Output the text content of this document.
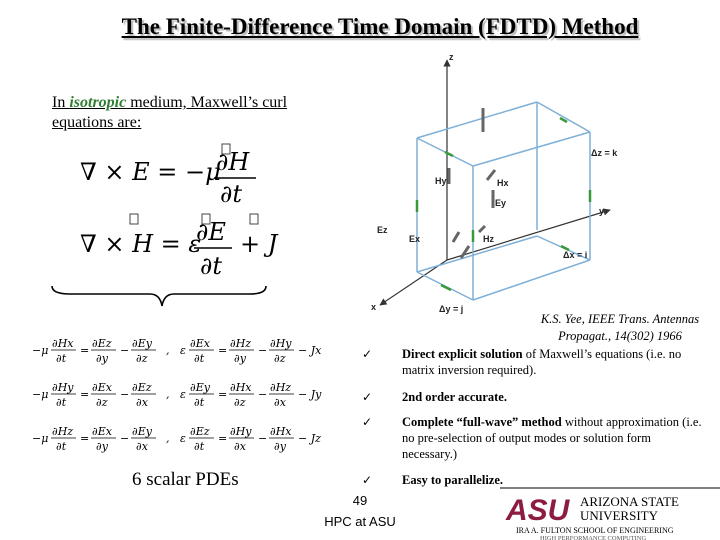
The Finite-Difference Time Domain (FDTD) Method
In isotropic medium, Maxwell’s curl equations are:
∇ × E = −μ
∂H
∂t
∇ × H = ε
∂E
∂t
+ J
−μ
∂Hx
∂t
=
∂Ez
∂y
−
∂Ey
∂z
, ε
∂Ex
∂t
=
∂Hz
∂y
−
∂Hy
∂z
− Jx
−μ
∂Hy
∂t
=
∂Ex
∂z
−
∂Ez
∂x
, ε
∂Ey
∂t
=
∂Hx
∂z
−
∂Hz
∂x
− Jy
−μ
∂Hz
∂t
=
∂Ex
∂y
−
∂Ey
∂x
, ε
∂Ez
∂t
=
∂Hy
∂x
−
∂Hx
∂y
− Jz
z
y
x
Δz = k
Δy = j
Δx = i
Hy	Hx
Ey
Ez
Ex	Hz
K.S. Yee, IEEE Trans. Antennas
Propagat., 14(302) 1966
✓ Direct explicit solution of Maxwell’s equations (i.e. no matrix inversion required).
✓ 2nd order accurate.
✓ Complete “full-wave” method without approximation (i.e. no pre-selection of output modes or solution form necessary.)
✓ Easy to parallelize.
6 scalar PDEs
49
HPC at ASU	ASU ARIZONA STATE
UNIVERSITY
IRA A. FULTON SCHOOL OF ENGINEERING
HIGH PERFORMANCE COMPUTING
